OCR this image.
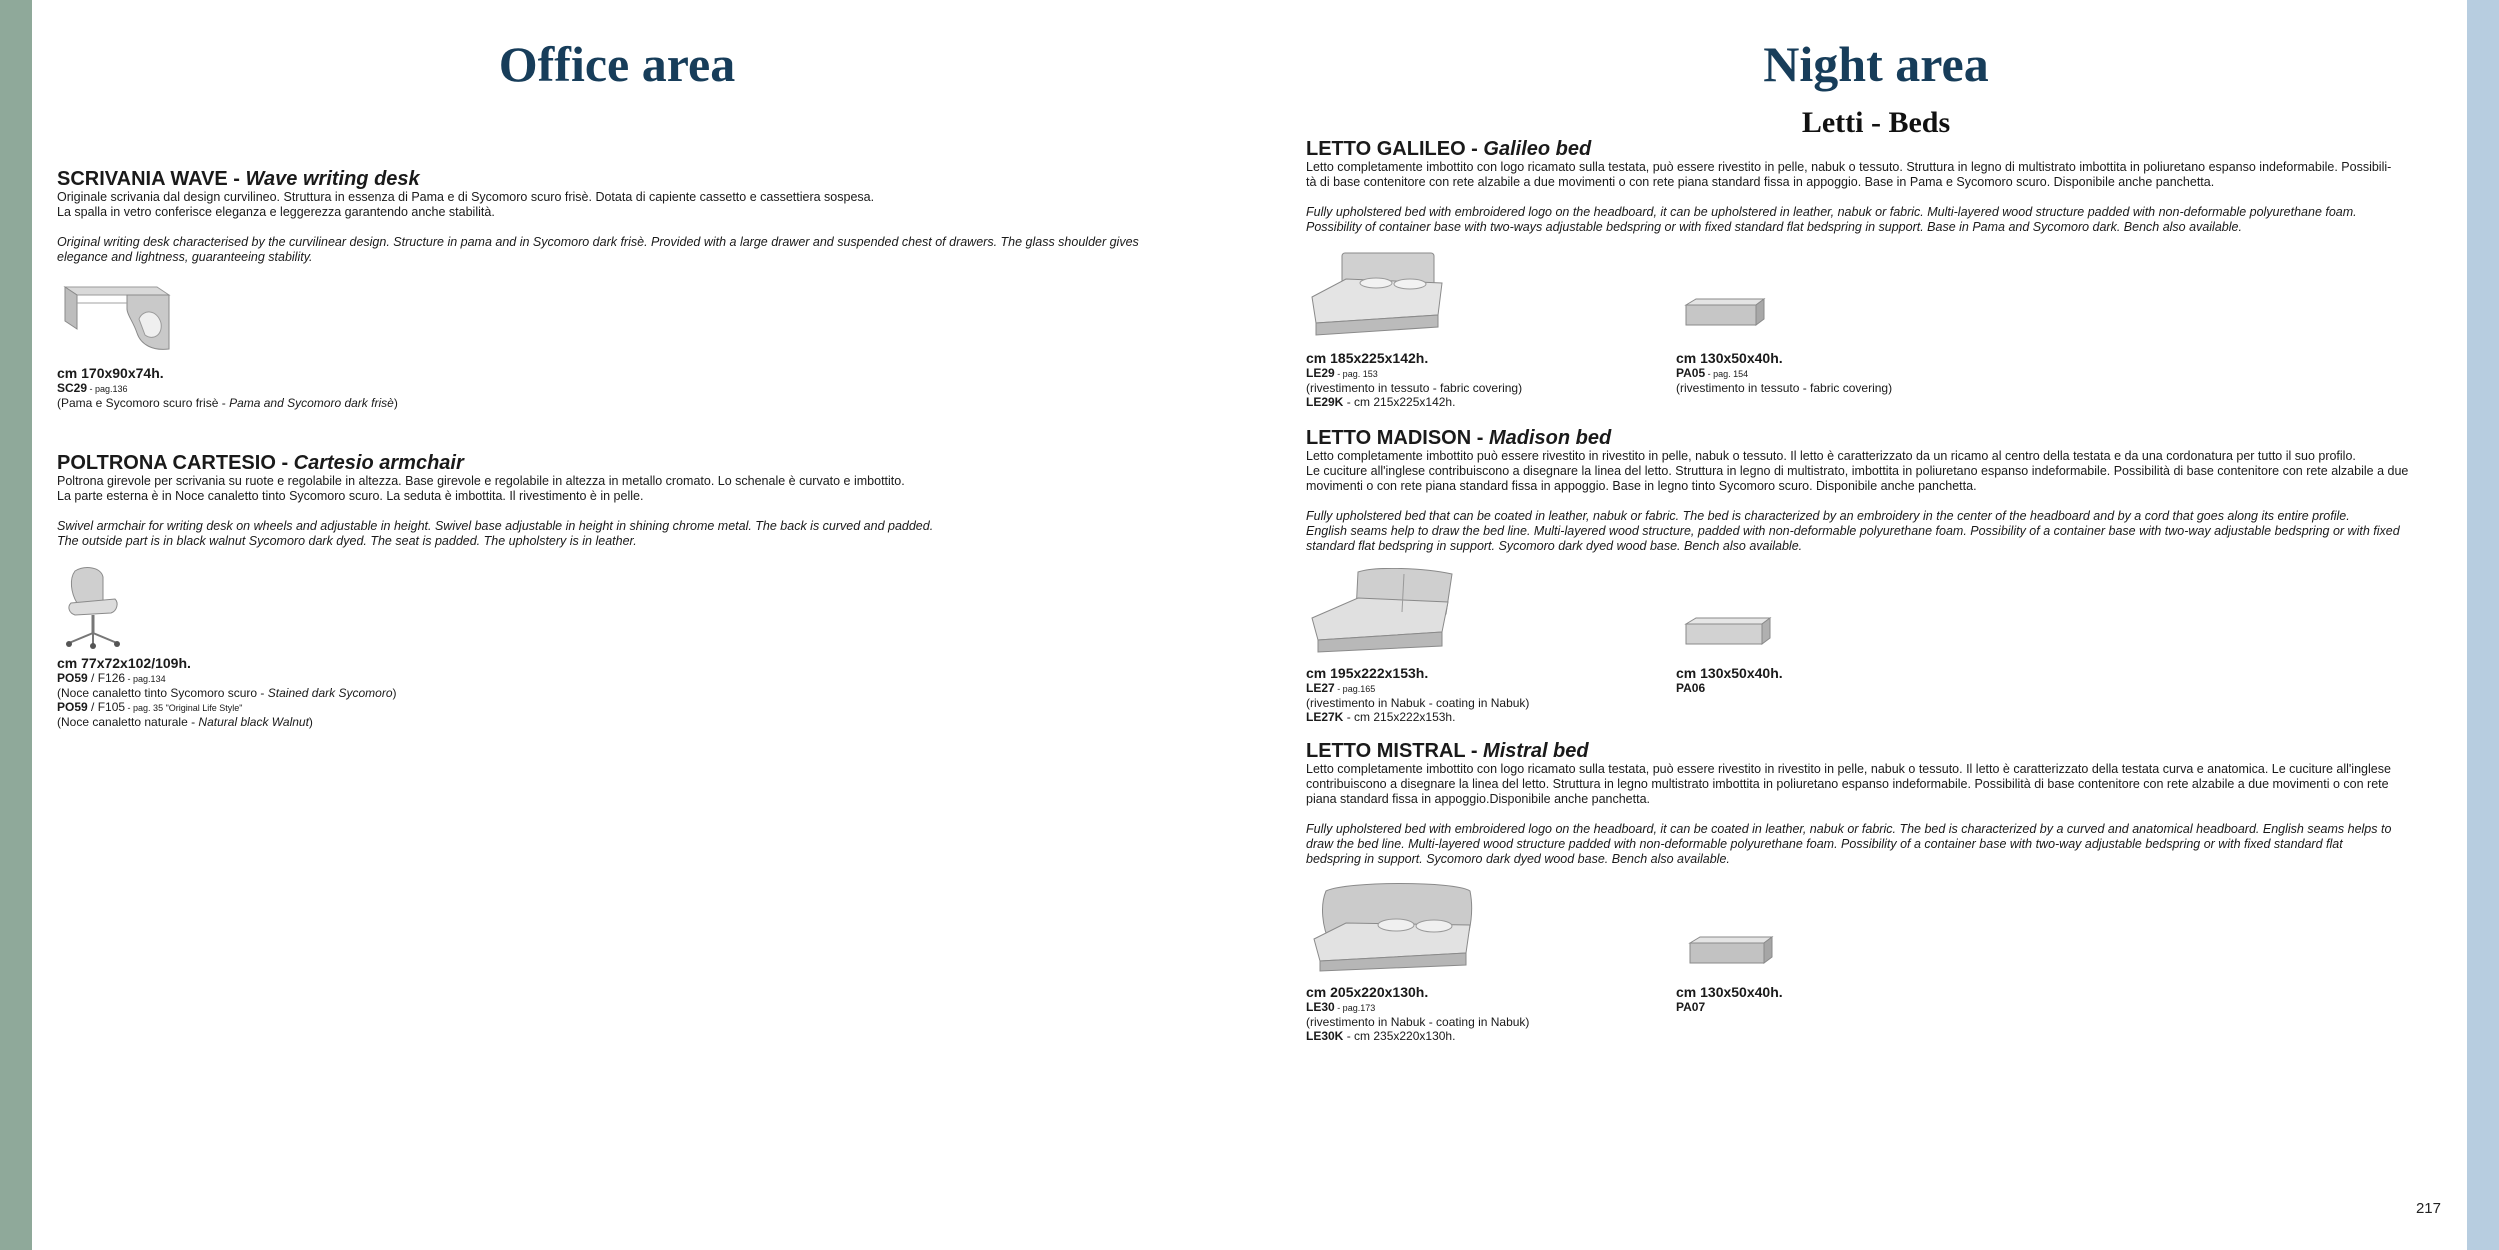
Office area

SCRIVANIA WAVE - Wave writing desk

Originale scrivania dal design curvilineo. Struttura in essenza di Pama e di Sycomoro scuro frisè. Dotata di capiente cassetto e cassettiera sospesa.

La spalla in vetro conferisce eleganza e leggerezza garantendo anche stabilità.

Original writing desk characterised by the curvilinear design. Structure in pama and in Sycomoro dark frisè. Provided with a large drawer and suspended chest of drawers. The glass shoulder gives

elegance and lightness, guaranteeing stability.

cm 170x90x74h.

SC29 - pag.136

(Pama e Sycomoro scuro frisè - Pama and Sycomoro dark frisè)

POLTRONA CARTESIO - Cartesio armchair

Poltrona girevole per scrivania su ruote e regolabile in altezza. Base girevole e regolabile in altezza in metallo cromato. Lo schenale è curvato e imbottito.

La parte esterna è in Noce canaletto tinto Sycomoro scuro. La seduta è imbottita. Il rivestimento è in pelle.

Swivel armchair for writing desk on wheels and adjustable in height. Swivel base adjustable in height in shining chrome metal. The back is curved and padded.

The outside part is in black walnut Sycomoro dark dyed. The seat is padded. The upholstery is in leather.

cm 77x72x102/109h.

PO59 / F126 - pag.134

(Noce canaletto tinto Sycomoro scuro - Stained dark Sycomoro)

PO59 / F105 - pag. 35 "Original Life Style"

(Noce canaletto naturale - Natural black Walnut)

Night area
Letti - Beds

LETTO GALILEO - Galileo bed

Letto completamente imbottito con logo ricamato sulla testata, può essere rivestito in pelle, nabuk o tessuto. Struttura in legno di multistrato imbottita in poliuretano espanso indeformabile. Possibili-

tà di base contenitore con rete alzabile a due movimenti o con rete piana standard fissa in appoggio. Base in Pama e Sycomoro scuro. Disponibile anche panchetta.

Fully upholstered bed with embroidered logo on the headboard, it can be upholstered in leather, nabuk or fabric. Multi-layered wood structure padded with non-deformable polyurethane foam.

Possibility of container base with two-ways adjustable bedspring or with fixed standard flat bedspring in support. Base in Pama and Sycomoro dark. Bench also available.

cm 185x225x142h.

LE29 - pag. 153

(rivestimento in tessuto - fabric covering)

LE29K - cm 215x225x142h.

cm 130x50x40h.

PA05 - pag. 154

(rivestimento in tessuto - fabric covering)

LETTO MADISON - Madison bed

Letto completamente imbottito può essere rivestito in rivestito in pelle, nabuk o tessuto. Il letto è caratterizzato da un ricamo al centro della testata e da una cordonatura per tutto il suo profilo.

Le cuciture all'inglese contribuiscono a disegnare la linea del letto. Struttura in legno di multistrato, imbottita in poliuretano espanso indeformabile. Possibilità di base contenitore con rete alzabile a due

movimenti o con rete piana standard fissa in appoggio. Base in legno tinto Sycomoro scuro. Disponibile anche panchetta.

Fully upholstered bed that can be coated in leather, nabuk or fabric. The bed is characterized by an embroidery in the center of the headboard and by a cord that goes along its entire profile.

English seams help to draw the bed line. Multi-layered wood structure, padded with non-deformable polyurethane foam. Possibility of a container base with two-way adjustable bedspring or with fixed

standard flat bedspring in support. Sycomoro dark dyed wood base. Bench also available.

cm 195x222x153h.

LE27 - pag.165

(rivestimento in Nabuk - coating in Nabuk)

LE27K - cm 215x222x153h.

cm 130x50x40h.

PA06

LETTO MISTRAL - Mistral bed

Letto completamente imbottito con logo ricamato sulla testata, può essere rivestito in rivestito in pelle, nabuk o tessuto. Il letto è caratterizzato della testata curva e anatomica. Le cuciture all'inglese

contribuiscono a disegnare la linea del letto. Struttura in legno multistrato imbottita in poliuretano espanso indeformabile. Possibilità di base contenitore con rete alzabile a due movimenti o con rete

piana standard fissa in appoggio.Disponibile anche panchetta.

Fully upholstered bed with embroidered logo on the headboard, it can be coated in leather, nabuk or fabric. The bed is characterized by a curved and anatomical headboard. English seams helps to

draw the bed line. Multi-layered wood structure padded with non-deformable polyurethane foam. Possibility of a container base with two-way adjustable bedspring or with fixed standard flat

bedspring in support. Sycomoro dark dyed wood base. Bench also available.

cm 205x220x130h.

LE30 - pag.173

(rivestimento in Nabuk - coating in Nabuk)

LE30K - cm 235x220x130h.

cm 130x50x40h.

PA07

217
